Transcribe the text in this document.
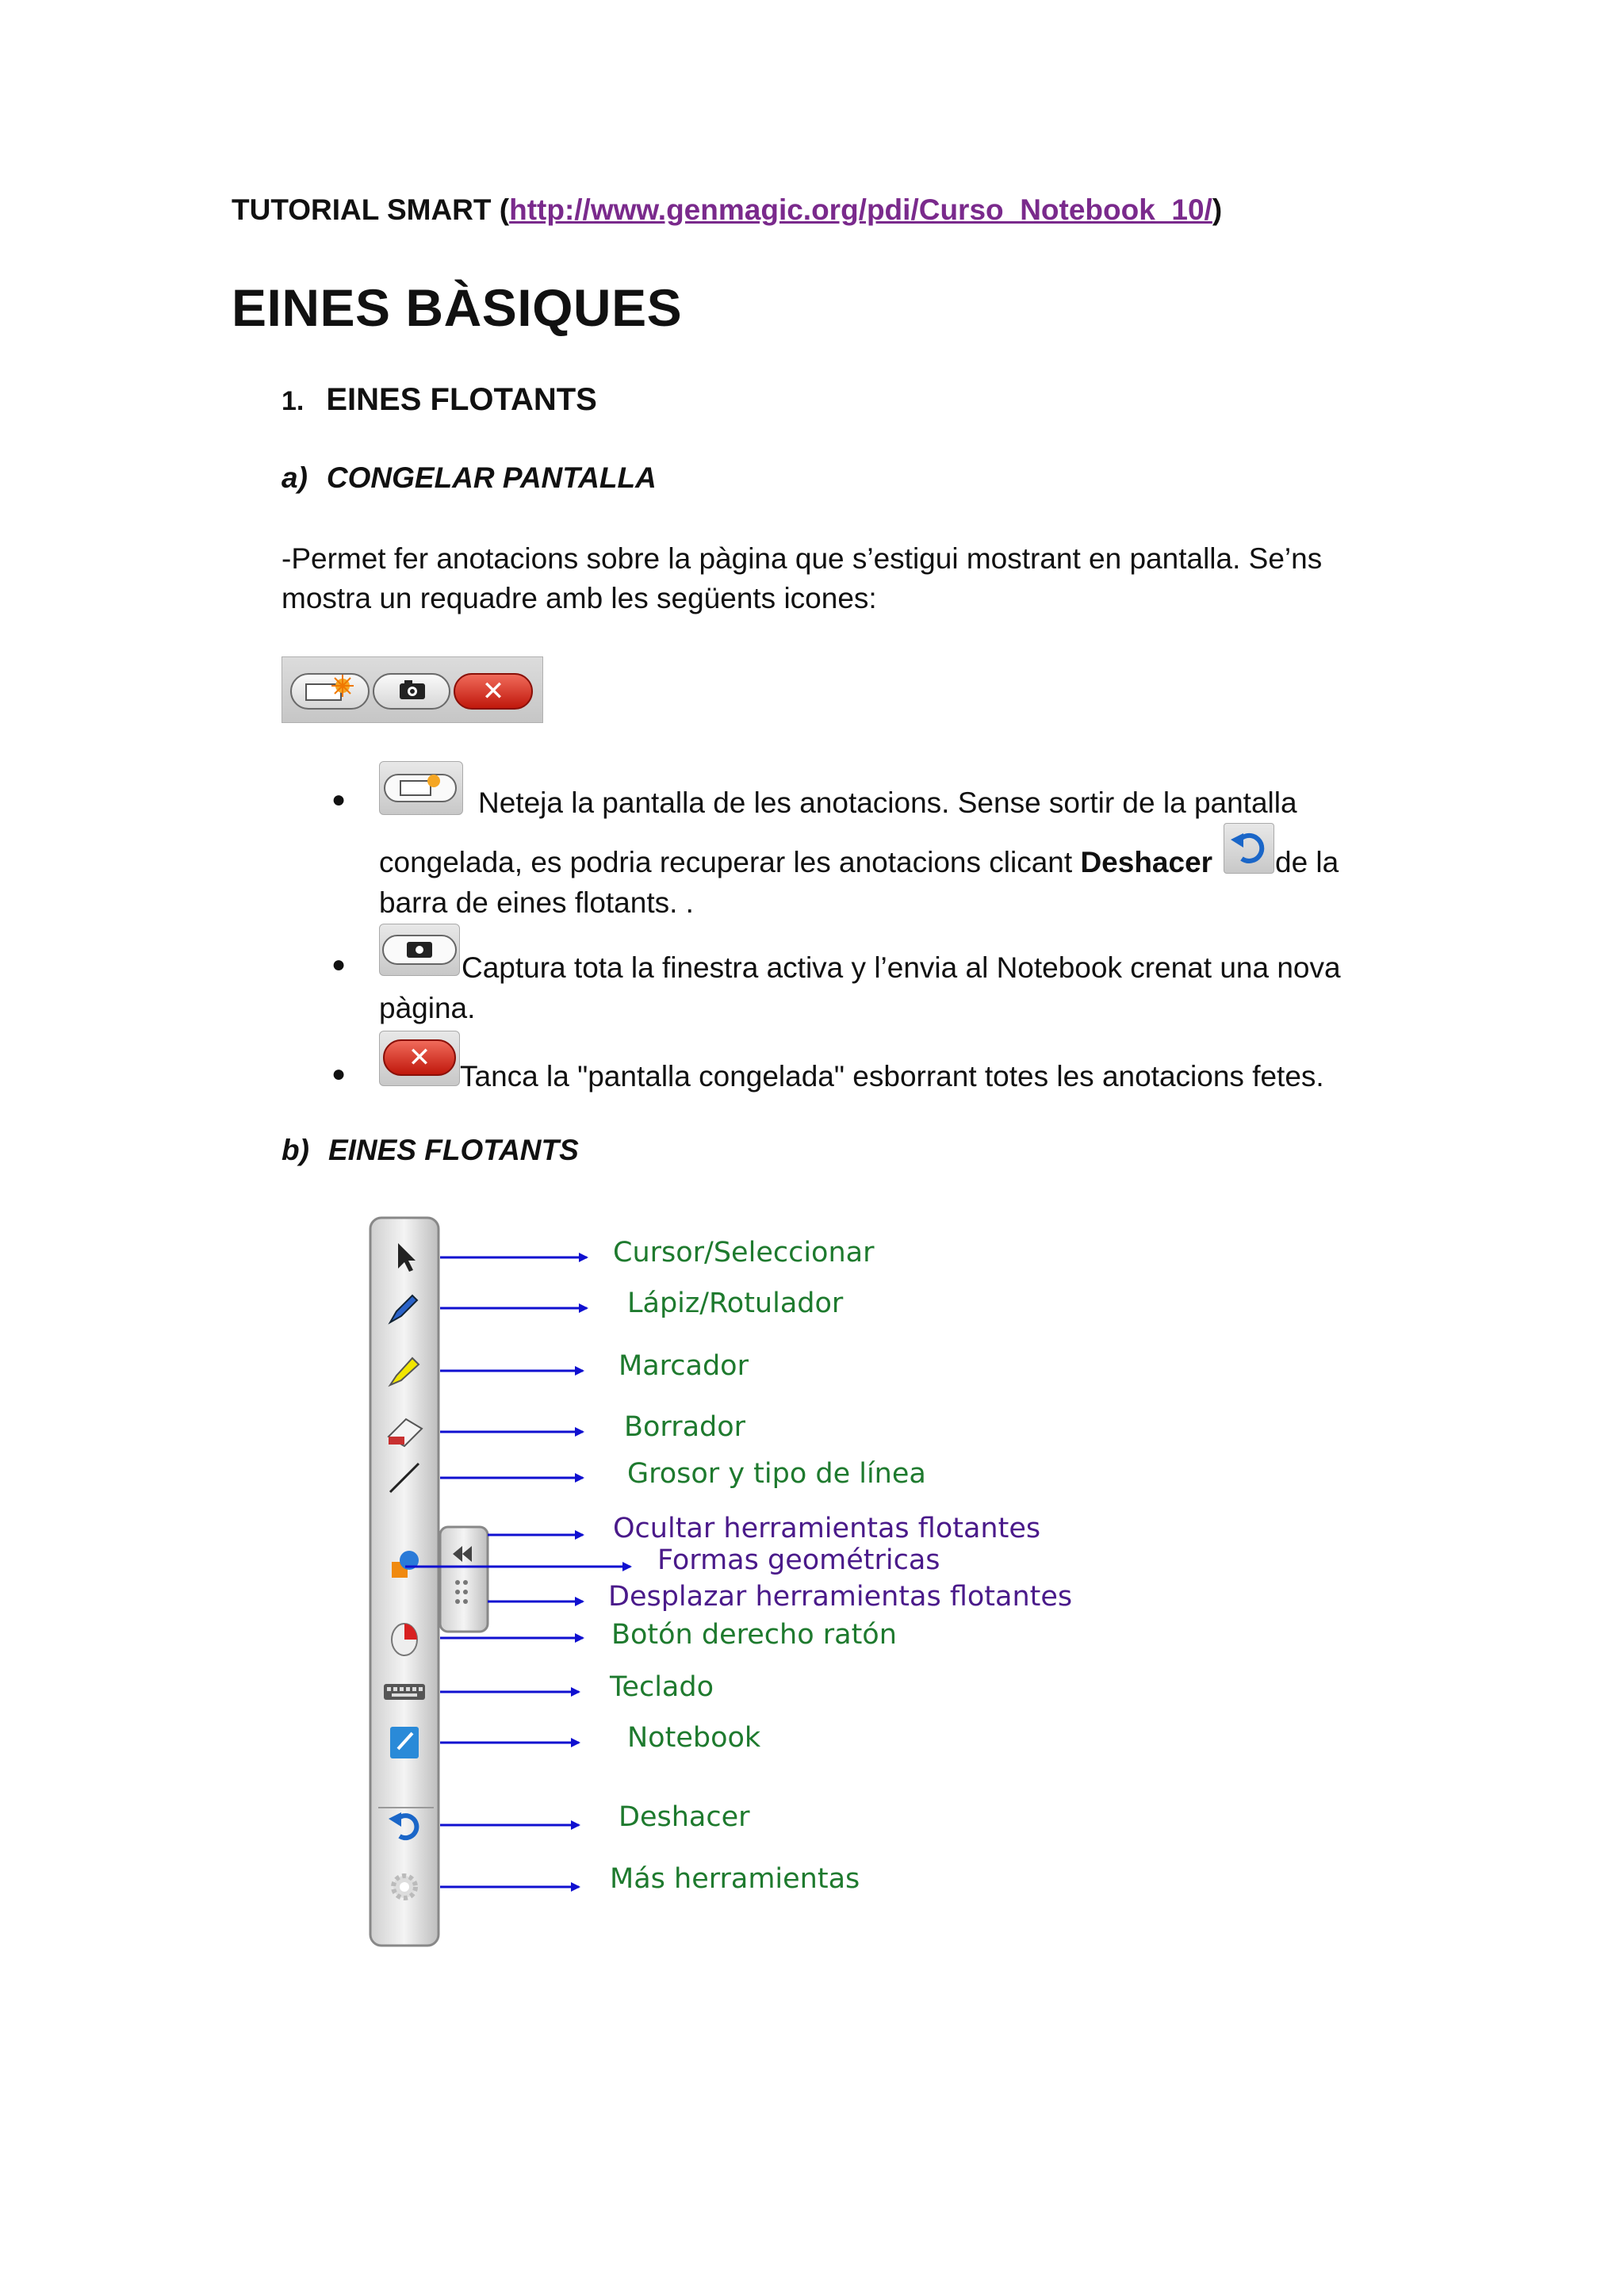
TUTORIAL SMART (http://www.genmagic.org/pdi/Curso_Notebook_10/)
EINES BÀSIQUES
1. EINES FLOTANTS
a) CONGELAR PANTALLA
-Permet fer anotacions sobre la pàgina que s’estigui mostrant en pantalla. Se’ns mostra un requadre amb les següents icones:
✕
●	Neteja la pantalla de les anotacions. Sense sortir de la pantalla
congelada, es podria recuperar les anotacions clicant Deshacer de la
barra de eines flotants. .
●	Captura tota la finestra activa y l’envia al Notebook crenat una nova
pàgina.
●
✕
Tanca la "pantalla congelada" esborrant totes les anotacions fetes.
b) EINES FLOTANTS
Cursor/Seleccionar
Lápiz/Rotulador
Marcador
Borrador
Grosor y tipo de línea
Ocultar herramientas flotantes
Formas geométricas
Desplazar herramientas flotantes
Botón derecho ratón
Teclado
Notebook
Deshacer
Más herramientas
